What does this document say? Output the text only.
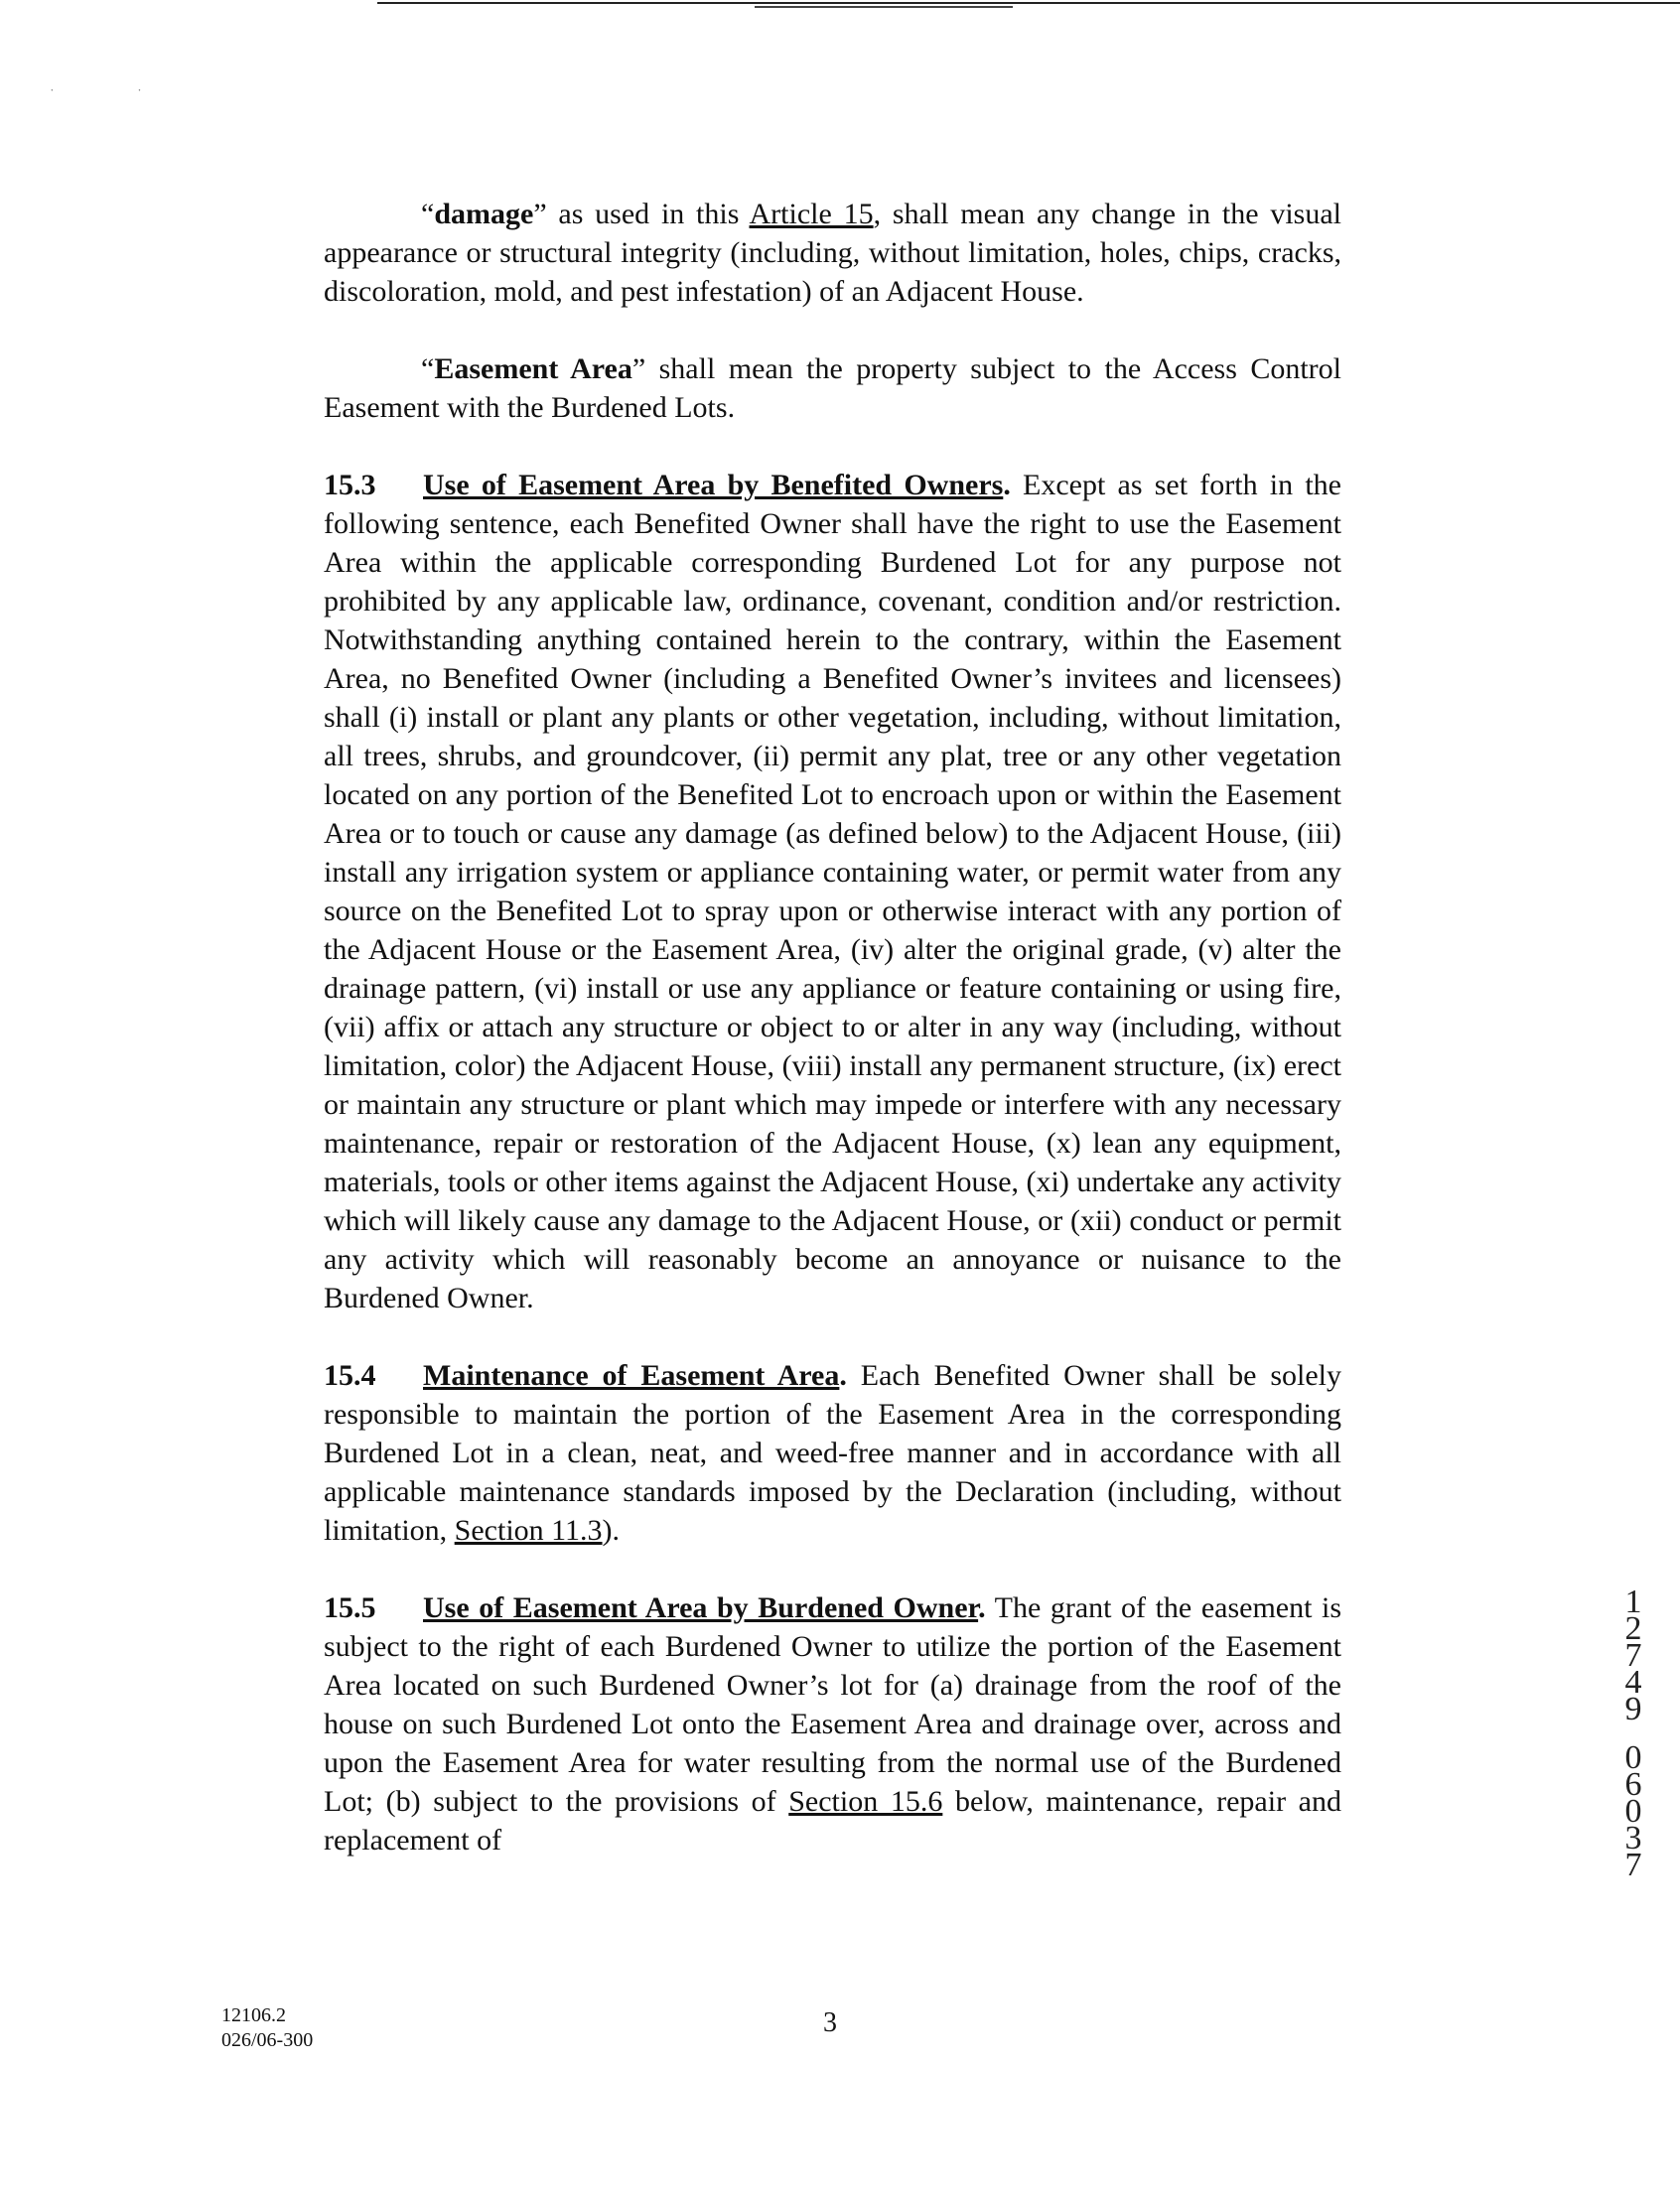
˙ ˙

“damage” as used in this Article 15, shall mean any change in the visual appearance or structural integrity (including, without limitation, holes, chips, cracks, discoloration, mold, and pest infestation) of an Adjacent House.

“Easement Area” shall mean the property subject to the Access Control Easement with the Burdened Lots.

15.3 Use of Easement Area by Benefited Owners. Except as set forth in the following sentence, each Benefited Owner shall have the right to use the Easement Area within the applicable corresponding Burdened Lot for any purpose not prohibited by any applicable law, ordinance, covenant, condition and/or restriction. Notwithstanding anything contained herein to the contrary, within the Easement Area, no Benefited Owner (including a Benefited Owner’s invitees and licensees) shall (i) install or plant any plants or other vegetation, including, without limitation, all trees, shrubs, and groundcover, (ii) permit any plat, tree or any other vegetation located on any portion of the Benefited Lot to encroach upon or within the Easement Area or to touch or cause any damage (as defined below) to the Adjacent House, (iii) install any irrigation system or appliance containing water, or permit water from any source on the Benefited Lot to spray upon or otherwise interact with any portion of the Adjacent House or the Easement Area, (iv) alter the original grade, (v) alter the drainage pattern, (vi) install or use any appliance or feature containing or using fire, (vii) affix or attach any structure or object to or alter in any way (including, without limitation, color) the Adjacent House, (viii) install any permanent structure, (ix) erect or maintain any structure or plant which may impede or interfere with any necessary maintenance, repair or restoration of the Adjacent House, (x) lean any equipment, materials, tools or other items against the Adjacent House, (xi) undertake any activity which will likely cause any damage to the Adjacent House, or (xii) conduct or permit any activity which will reasonably become an annoyance or nuisance to the Burdened Owner.

15.4 Maintenance of Easement Area. Each Benefited Owner shall be solely responsible to maintain the portion of the Easement Area in the corresponding Burdened Lot in a clean, neat, and weed-free manner and in accordance with all applicable maintenance standards imposed by the Declaration (including, without limitation, Section 11.3).

15.5 Use of Easement Area by Burdened Owner. The grant of the easement is subject to the right of each Burdened Owner to utilize the portion of the Easement Area located on such Burdened Owner’s lot for (a) drainage from the roof of the house on such Burdened Lot onto the Easement Area and drainage over, across and upon the Easement Area for water resulting from the normal use of the Burdened Lot; (b) subject to the provisions of Section 15.6 below, maintenance, repair and replacement of

1
2
7
4
9
0
6
0
3
7
12106.2
026/06-300
3
